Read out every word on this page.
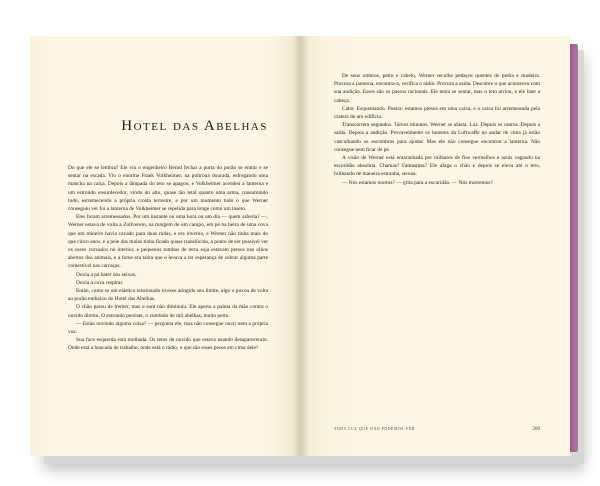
Hotel das Abelhas

Do que ele se lembra? Ele viu o engenheiro Bernd fechar a porta do porão se entrar e se sentar na escada. Viu o enorme Frank Volkheimer, na poltrona dourada, esfregando uma mancha na calça. Depois a lâmpada do teto se apagou, e Volkheimer acendeu a lanterna e um estrondo ensurdecedor, vindo do alto, quase tão letal quanto uma arma, consumindo tudo, estremecendo a própria crosta terrestre, e por um momento tudo o que Werner conseguiu ver foi a lanterna de Volkheimer se repelida para longe como um inseto.

Eles foram arremessados. Por um instante ou uma hora ou um dia — quem saberia? —, Werner estava de volta a Zollverein, na margem de um campo, em pé na beira de uma cova que um mineiro havia cavado para duas rodas, e era inverno, e Werner não tinha mais do que cinco anos, e a pele das mulas tinha ficado quase translúcida, a ponto de ser possível ver os ossos curvados no interior, e pequenos tombos de terra soja estavam presos nos olhos abertos dos animais, e a fome era tanta que o levava a ter esperança de sobrar alguma parte comestível nas carcaças.

Ouvia a pá bater nos seixos.

Ouvia a cova respirar.

Então, como se um elástico tensionado tivesse atingido seu limite, algo o puxou de volta ao porão embaixo do Hotel das Abelhas.

O chão parou de tremer, mas o som não diminuiu. Ele aperta a palma da mão contra o ouvido direito. O estrondo persiste, o zumbido de mil abelhas, muito perto.

— Estão ouvindo alguma coisa? — pergunta ele, mas não consegue ouvir nem a própria voz.

Sua face esquerda está molhada. Os tetos de ouvido que estava usando desapareceram. Onde está a bancada de trabalho, onde está o rádio, o que são esses pesos em cima dele?

De seus ombros, peito e cabelo, Werner recolhe pedaços quentes de pedra e madeira. Procura a lanterna, encontra-a, verifica o rádio. Procura a saída. Descobre o que aconteceu com sua audição. Esses são os passos racionais. Ele tenta se sentar, mas o teto arriou, e ele bate a cabeça.

Calor. Esquentando. Poeira: estamos presos em uma caixa, e a caixa foi arremessada pela cratera de um edifício.

Transcorrem segundos. Talvez minutos. Werner se afasta. Luz. Depois os outros. Depois a saída. Depois a audição. Provavelmente os homens da Luftwaffe no andar de cima já estão vasculhando os escombros para ajudar. Mas ele não consegue encontrar a lanterna. Não consegue nem ficar de pé.

A visão de Werner está emaranhada por milhares de fios vermelhos e azuis vagando na escuridão absoluta. Chamas? Fantasmas? Ele afaga o chão e depois se eleva até o teto, brilhando de maneira estranha, serena.

— Nós estamos mortos? — grita para a escuridão. — Nós morremos?

TODA LUZ QUE NÃO PODEMOS VER	209
